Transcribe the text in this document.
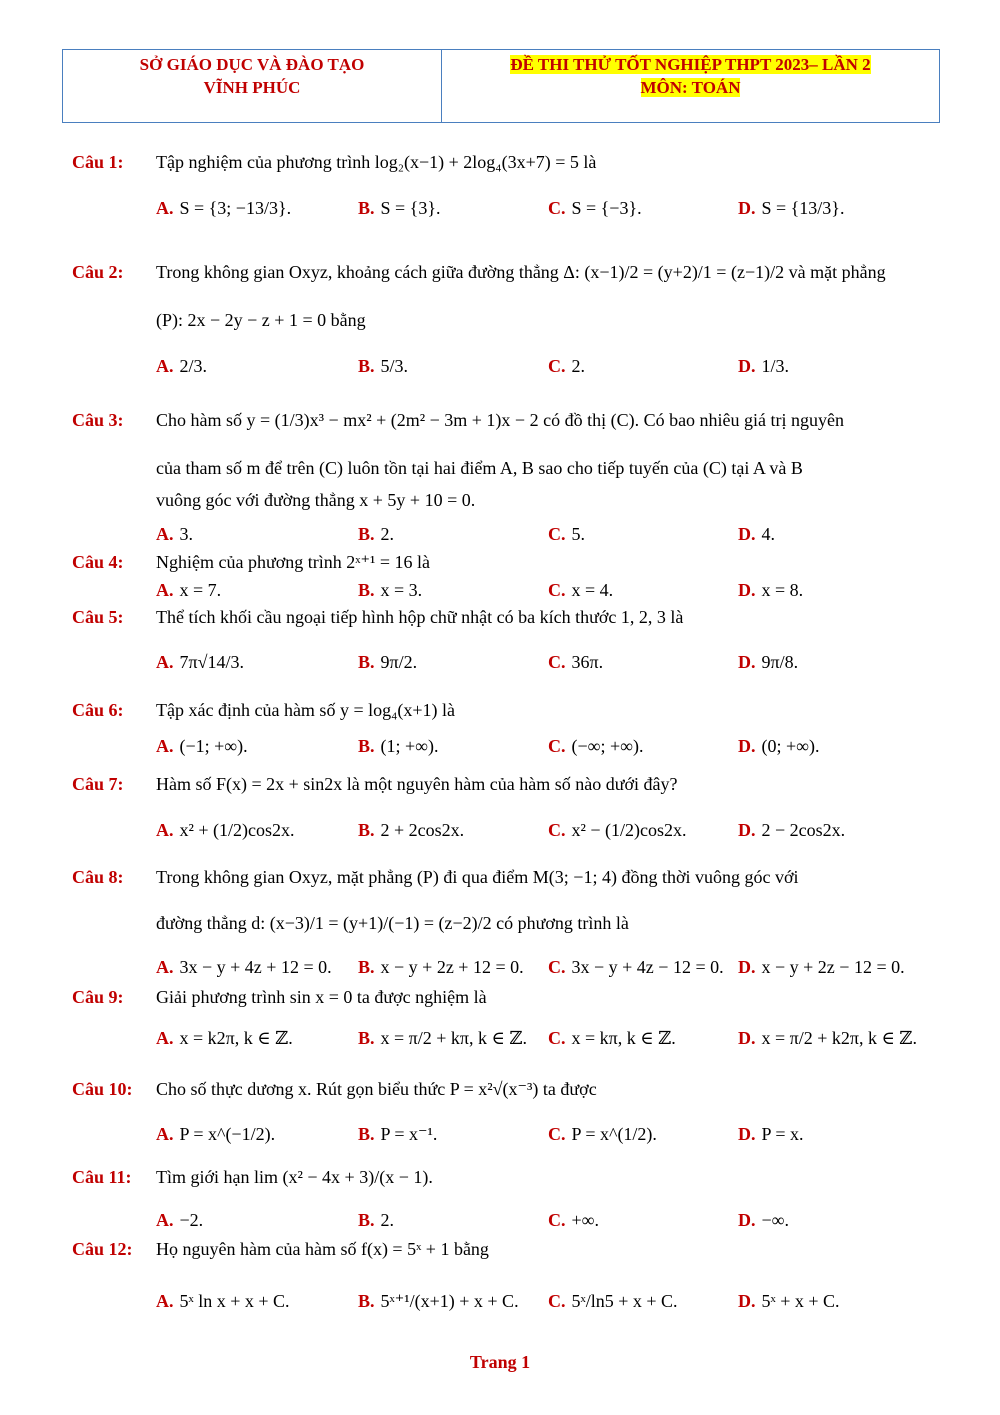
SỞ GIÁO DỤC VÀ ĐÀO TẠO
VĨNH PHÚC
ĐỀ THI THỬ TỐT NGHIỆP THPT 2023– LẦN 2
MÔN: TOÁN
Câu 1: Tập nghiệm của phương trình log₂(x−1) + 2log₄(3x+7) = 5 là
A. S = {3; −13/3}.	B. S = {3}.	C. S = {−3}.	D. S = {13/3}.
Câu 2: Trong không gian Oxyz, khoảng cách giữa đường thẳng Δ: (x−1)/2 = (y+2)/1 = (z−1)/2 và mặt phẳng
(P): 2x − 2y − z + 1 = 0 bằng
A. 2/3.	B. 5/3.	C. 2.	D. 1/3.
Câu 3: Cho hàm số y = (1/3)x³ − mx² + (2m² − 3m + 1)x − 2 có đồ thị (C). Có bao nhiêu giá trị nguyên
của tham số m để trên (C) luôn tồn tại hai điểm A, B sao cho tiếp tuyến của (C) tại A và B
vuông góc với đường thẳng x + 5y + 10 = 0.
A. 3.	B. 2.	C. 5.	D. 4.
Câu 4: Nghiệm của phương trình 2ˣ⁺¹ = 16 là
A. x = 7.	B. x = 3.	C. x = 4.	D. x = 8.
Câu 5: Thể tích khối cầu ngoại tiếp hình hộp chữ nhật có ba kích thước 1, 2, 3 là
A. 7π√14/3.	B. 9π/2.	C. 36π.	D. 9π/8.
Câu 6: Tập xác định của hàm số y = log₄(x+1) là
A. (−1; +∞).	B. (1; +∞).	C. (−∞; +∞).	D. (0; +∞).
Câu 7: Hàm số F(x) = 2x + sin2x là một nguyên hàm của hàm số nào dưới đây?
A. x² + (1/2)cos2x.	B. 2 + 2cos2x.	C. x² − (1/2)cos2x.	D. 2 − 2cos2x.
Câu 8: Trong không gian Oxyz, mặt phẳng (P) đi qua điểm M(3; −1; 4) đồng thời vuông góc với
đường thẳng d: (x−3)/1 = (y+1)/(−1) = (z−2)/2 có phương trình là
A. 3x − y + 4z + 12 = 0. B. x − y + 2z + 12 = 0. C. 3x − y + 4z − 12 = 0. D. x − y + 2z − 12 = 0.
Câu 9: Giải phương trình sin x = 0 ta được nghiệm là
A. x = k2π, k ∈ ℤ.	B. x = π/2 + kπ, k ∈ ℤ. C. x = kπ, k ∈ ℤ.	D. x = π/2 + k2π, k ∈ ℤ.
Câu 10: Cho số thực dương x. Rút gọn biểu thức P = x²√(x⁻³) ta được
A. P = x^(−1/2).	B. P = x⁻¹.	C. P = x^(1/2).	D. P = x.
Câu 11: Tìm giới hạn lim (x² − 4x + 3)/(x − 1).
A. −2.	B. 2.	C. +∞.	D. −∞.
Câu 12: Họ nguyên hàm của hàm số f(x) = 5ˣ + 1 bằng
A. 5ˣ ln x + x + C.	B. 5ˣ⁺¹/(x+1) + x + C. C. 5ˣ/ln5 + x + C.	D. 5ˣ + x + C.
Trang 1
